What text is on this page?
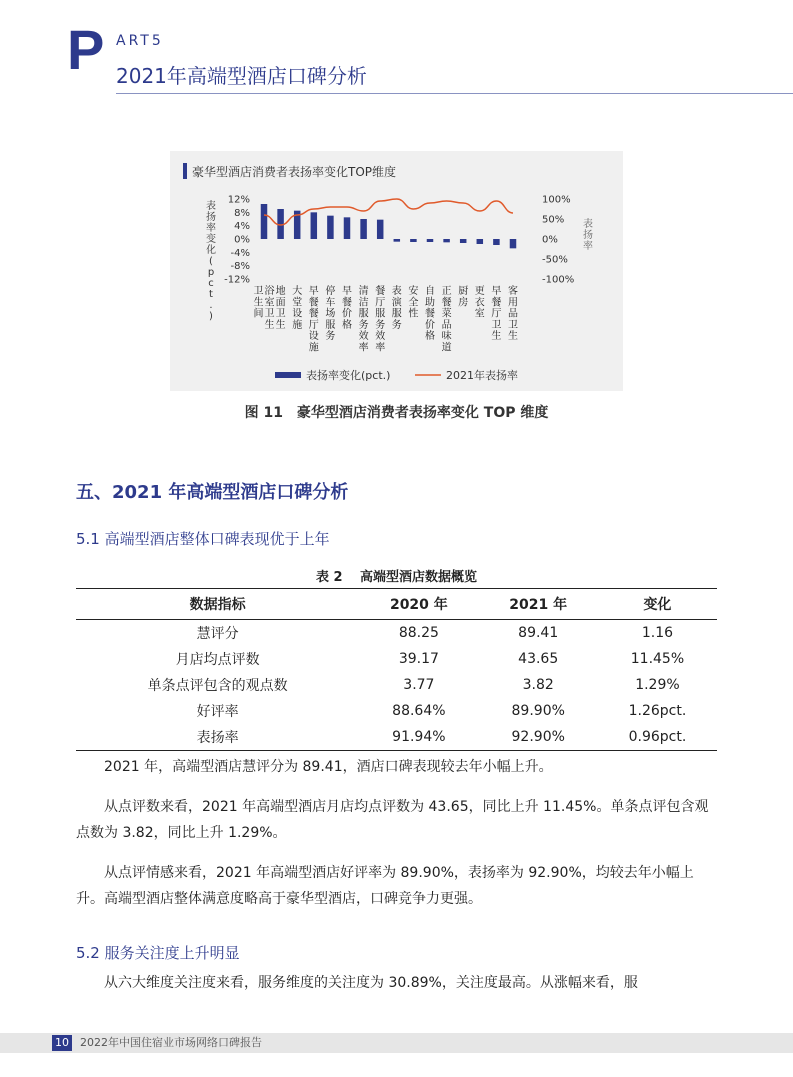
P ART5
2021年高端型酒店口碑分析
豪华型酒店消费者表扬率变化TOP维度
12%
8%
4%
0%
-4%
-8%
-12%
100%
50%
0%
-50%
-100%
表扬率变化( p c t . )
表扬率
卫生间浴室卫生
地面卫生
大堂设施
早餐餐厅设施
停车场服务
早餐价格
清洁服务效率
餐厅服务效率
表演服务
安全性
自助餐价格
正餐菜品味道
厨房
更衣室
早餐厅卫生
客用品卫生
表扬率变化(pct.)	2021年表扬率
图 11　豪华型酒店消费者表扬率变化 TOP 维度
五、2021 年高端型酒店口碑分析
5.1 高端型酒店整体口碑表现优于上年
表 2　 高端型酒店数据概览
数据指标	2020 年	2021 年	变化
慧评分	88.25	89.41	1.16
月店均点评数	39.17	43.65	11.45%
单条点评包含的观点数	3.77	3.82	1.29%
好评率	88.64%	89.90%	1.26pct.
表扬率	91.94%	92.90%	0.96pct.
2021 年，高端型酒店慧评分为 89.41，酒店口碑表现较去年小幅上升。
从点评数来看，2021 年高端型酒店月店均点评数为 43.65，同比上升 11.45%。单条点评包含观点数为 3.82，同比上升 1.29%。
从点评情感来看，2021 年高端型酒店好评率为 89.90%，表扬率为 92.90%，均较去年小幅上升。高端型酒店整体满意度略高于豪华型酒店，口碑竞争力更强。
5.2 服务关注度上升明显
从六大维度关注度来看，服务维度的关注度为 30.89%，关注度最高。从涨幅来看，服
10 2022年中国住宿业市场网络口碑报告
